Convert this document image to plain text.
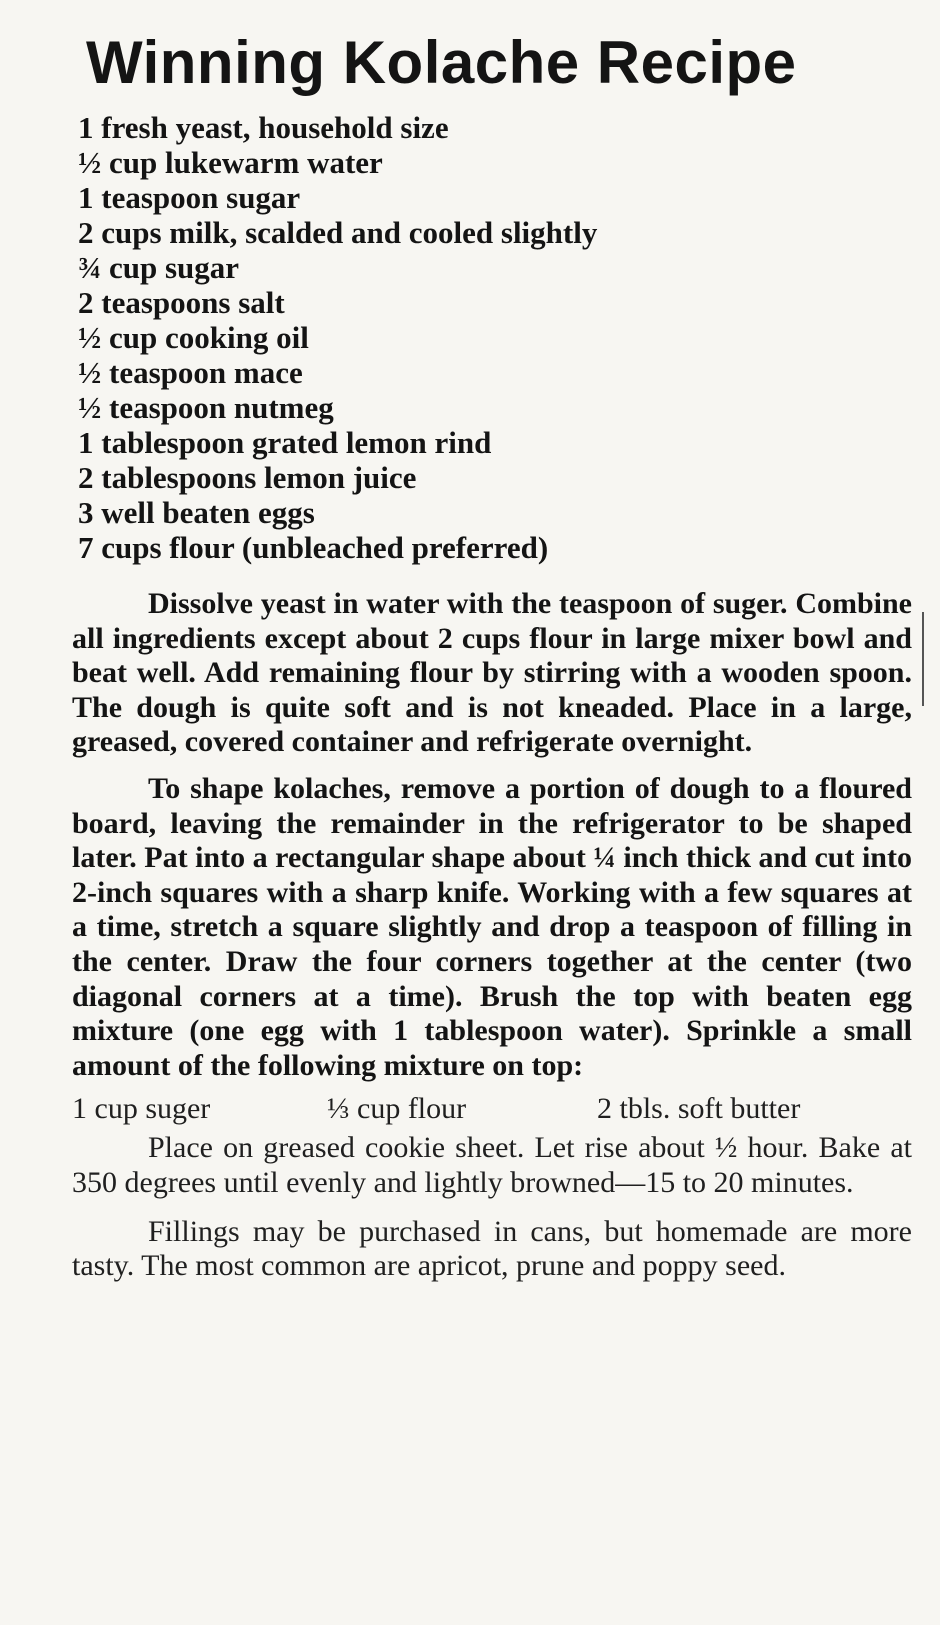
Winning Kolache Recipe
1 fresh yeast, household size
½ cup lukewarm water
1 teaspoon sugar
2 cups milk, scalded and cooled slightly
¾ cup sugar
2 teaspoons salt
½ cup cooking oil
½ teaspoon mace
½ teaspoon nutmeg
1 tablespoon grated lemon rind
2 tablespoons lemon juice
3 well beaten eggs
7 cups flour (unbleached preferred)

Dissolve yeast in water with the teaspoon of suger. Combine all ingredients except about 2 cups flour in large mixer bowl and beat well. Add remaining flour by stirring with a wooden spoon. The dough is quite soft and is not kneaded. Place in a large, greased, covered container and refrigerate overnight.

To shape kolaches, remove a portion of dough to a floured board, leaving the remainder in the refrigerator to be shaped later. Pat into a rectangular shape about ¼ inch thick and cut into 2-inch squares with a sharp knife. Working with a few squares at a time, stretch a square slightly and drop a teaspoon of filling in the center. Draw the four corners together at the center (two diagonal corners at a time). Brush the top with beaten egg mixture (one egg with 1 tablespoon water). Sprinkle a small amount of the following mixture on top:

1 cup suger	⅓ cup flour	2 tbls. soft butter

Place on greased cookie sheet. Let rise about ½ hour. Bake at 350 degrees until evenly and lightly browned—15 to 20 minutes.

Fillings may be purchased in cans, but homemade are more tasty. The most common are apricot, prune and poppy seed.
